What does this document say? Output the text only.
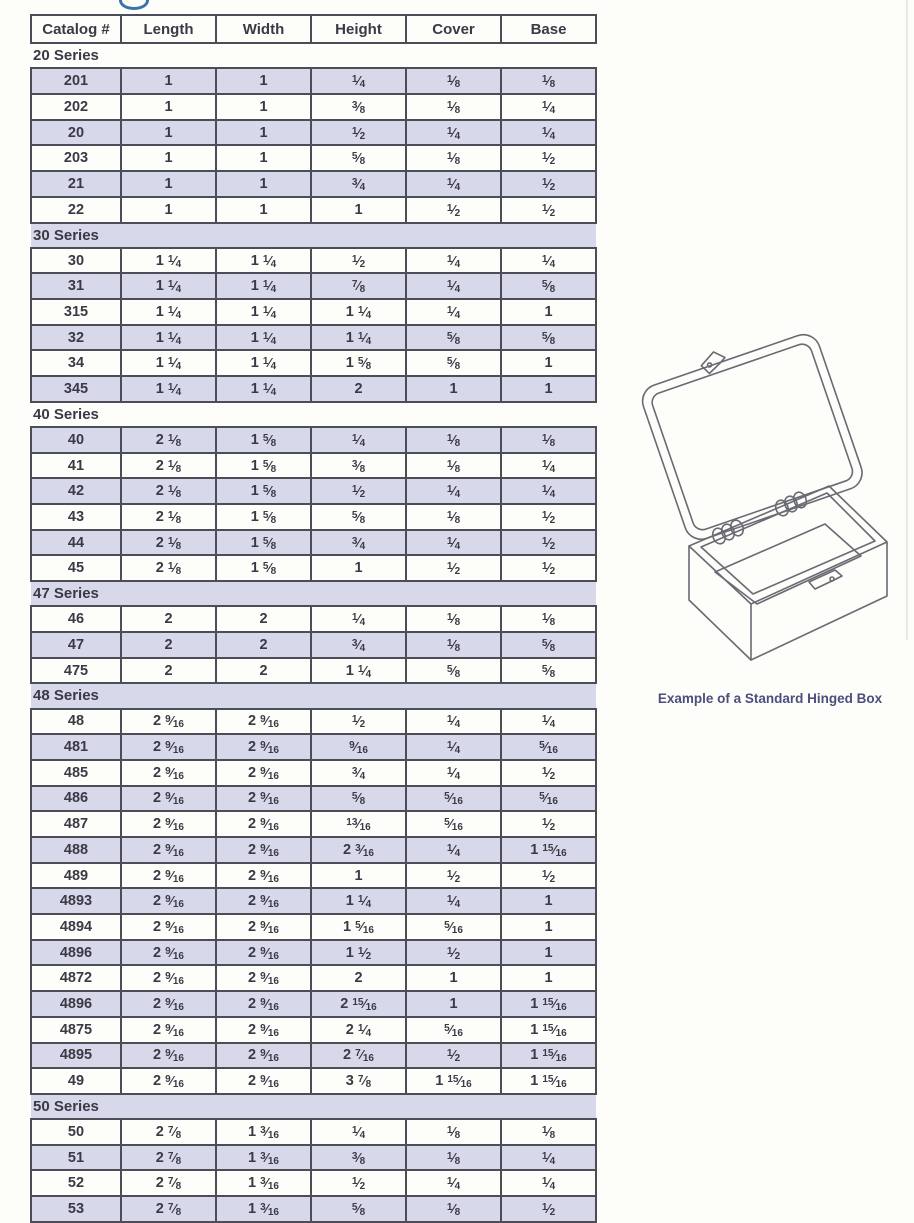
Catalog #	Length	Width	Height	Cover	Base
20 Series					
201	1	1	$^1⁄_4$	$^1⁄_8$	$^1⁄_8$
202	1	1	$^3⁄_8$	$^1⁄_8$	$^1⁄_4$
20	1	1	$^1⁄_2$	$^1⁄_4$	$^1⁄_4$
203	1	1	$^5⁄_8$	$^1⁄_8$	$^1⁄_2$
21	1	1	$^3⁄_4$	$^1⁄_4$	$^1⁄_2$
22	1	1	1	$^1⁄_2$	$^1⁄_2$
30 Series					
30	1 $^1⁄_4$	1 $^1⁄_4$	$^1⁄_2$	$^1⁄_4$	$^1⁄_4$
31	1 $^1⁄_4$	1 $^1⁄_4$	$^7⁄_8$	$^1⁄_4$	$^5⁄_8$
315	1 $^1⁄_4$	1 $^1⁄_4$	1 $^1⁄_4$	$^1⁄_4$	1
32	1 $^1⁄_4$	1 $^1⁄_4$	1 $^1⁄_4$	$^5⁄_8$	$^5⁄_8$
34	1 $^1⁄_4$	1 $^1⁄_4$	1 $^5⁄_8$	$^5⁄_8$	1
345	1 $^1⁄_4$	1 $^1⁄_4$	2	1	1
40 Series					
40	2 $^1⁄_8$	1 $^5⁄_8$	$^1⁄_4$	$^1⁄_8$	$^1⁄_8$
41	2 $^1⁄_8$	1 $^5⁄_8$	$^3⁄_8$	$^1⁄_8$	$^1⁄_4$
42	2 $^1⁄_8$	1 $^5⁄_8$	$^1⁄_2$	$^1⁄_4$	$^1⁄_4$
43	2 $^1⁄_8$	1 $^5⁄_8$	$^5⁄_8$	$^1⁄_8$	$^1⁄_2$
44	2 $^1⁄_8$	1 $^5⁄_8$	$^3⁄_4$	$^1⁄_4$	$^1⁄_2$
45	2 $^1⁄_8$	1 $^5⁄_8$	1	$^1⁄_2$	$^1⁄_2$
47 Series					
46	2	2	$^1⁄_4$	$^1⁄_8$	$^1⁄_8$
47	2	2	$^3⁄_4$	$^1⁄_8$	$^5⁄_8$
475	2	2	1 $^1⁄_4$	$^5⁄_8$	$^5⁄_8$
48 Series					
48	2 $^9⁄_{16}$	2 $^9⁄_{16}$	$^1⁄_2$	$^1⁄_4$	$^1⁄_4$
481	2 $^9⁄_{16}$	2 $^9⁄_{16}$	$^9⁄_{16}$	$^1⁄_4$	$^5⁄_{16}$
485	2 $^9⁄_{16}$	2 $^9⁄_{16}$	$^3⁄_4$	$^1⁄_4$	$^1⁄_2$
486	2 $^9⁄_{16}$	2 $^9⁄_{16}$	$^5⁄_8$	$^5⁄_{16}$	$^5⁄_{16}$
487	2 $^9⁄_{16}$	2 $^9⁄_{16}$	$^{13}⁄_{16}$	$^5⁄_{16}$	$^1⁄_2$
488	2 $^9⁄_{16}$	2 $^9⁄_{16}$	2 $^3⁄_{16}$	$^1⁄_4$	1 $^{15}⁄_{16}$
489	2 $^9⁄_{16}$	2 $^9⁄_{16}$	1	$^1⁄_2$	$^1⁄_2$
4893	2 $^9⁄_{16}$	2 $^9⁄_{16}$	1 $^1⁄_4$	$^1⁄_4$	1
4894	2 $^9⁄_{16}$	2 $^9⁄_{16}$	1 $^5⁄_{16}$	$^5⁄_{16}$	1
4896	2 $^9⁄_{16}$	2 $^9⁄_{16}$	1 $^1⁄_2$	$^1⁄_2$	1
4872	2 $^9⁄_{16}$	2 $^9⁄_{16}$	2	1	1
4896	2 $^9⁄_{16}$	2 $^9⁄_{16}$	2 $^{15}⁄_{16}$	1	1 $^{15}⁄_{16}$
4875	2 $^9⁄_{16}$	2 $^9⁄_{16}$	2 $^1⁄_4$	$^5⁄_{16}$	1 $^{15}⁄_{16}$
4895	2 $^9⁄_{16}$	2 $^9⁄_{16}$	2 $^7⁄_{16}$	$^1⁄_2$	1 $^{15}⁄_{16}$
49	2 $^9⁄_{16}$	2 $^9⁄_{16}$	3 $^7⁄_8$	1 $^{15}⁄_{16}$	1 $^{15}⁄_{16}$
50 Series					
50	2 $^7⁄_8$	1 $^3⁄_{16}$	$^1⁄_4$	$^1⁄_8$	$^1⁄_8$
51	2 $^7⁄_8$	1 $^3⁄_{16}$	$^3⁄_8$	$^1⁄_8$	$^1⁄_4$
52	2 $^7⁄_8$	1 $^3⁄_{16}$	$^1⁄_2$	$^1⁄_4$	$^1⁄_4$
53	2 $^7⁄_8$	1 $^3⁄_{16}$	$^5⁄_8$	$^1⁄_8$	$^1⁄_2$
Example of a Standard Hinged Box
